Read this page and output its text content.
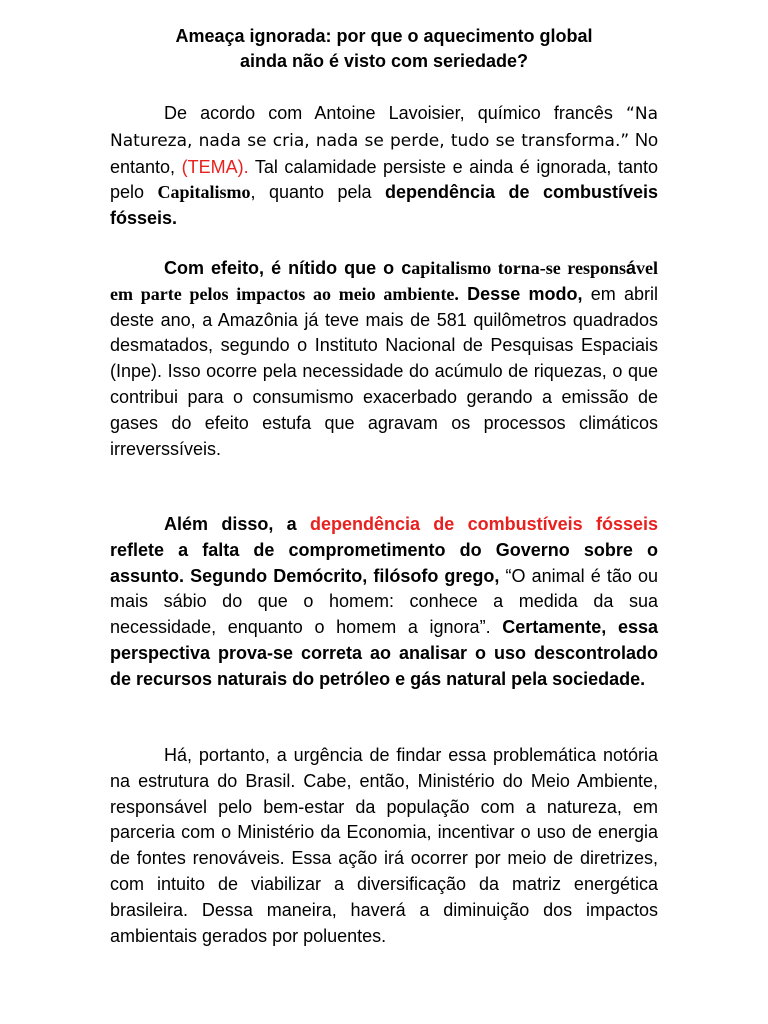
Ameaça ignorada: por que o aquecimento global
ainda não é visto com seriedade?

De acordo com Antoine Lavoisier, químico francês “Na Natureza, nada se cria, nada se perde, tudo se transforma.” No entanto, (TEMA). Tal calamidade persiste e ainda é ignorada, tanto pelo Capitalismo, quanto pela dependência de combustíveis fósseis.

Com efeito, é nítido que o capitalismo torna-se responsável em parte pelos impactos ao meio ambiente. Desse modo, em abril deste ano, a Amazônia já teve mais de 581 quilômetros quadrados desmatados, segundo o Instituto Nacional de Pesquisas Espaciais (Inpe). Isso ocorre pela necessidade do acúmulo de riquezas, o que contribui para o consumismo exacerbado gerando a emissão de gases do efeito estufa que agravam os processos climáticos irreverssíveis.

Além disso, a dependência de combustíveis fósseis reflete a falta de comprometimento do Governo sobre o assunto. Segundo Demócrito, filósofo grego, “O animal é tão ou mais sábio do que o homem: conhece a medida da sua necessidade, enquanto o homem a ignora”. Certamente, essa perspectiva prova-se correta ao analisar o uso descontrolado de recursos naturais do petróleo e gás natural pela sociedade.

Há, portanto, a urgência de findar essa problemática notória na estrutura do Brasil. Cabe, então, Ministério do Meio Ambiente, responsável pelo bem-estar da população com a natureza, em parceria com o Ministério da Economia, incentivar o uso de energia de fontes renováveis. Essa ação irá ocorrer por meio de diretrizes, com intuito de viabilizar a diversificação da matriz energética brasileira. Dessa maneira, haverá a diminuição dos impactos ambientais gerados por poluentes.
